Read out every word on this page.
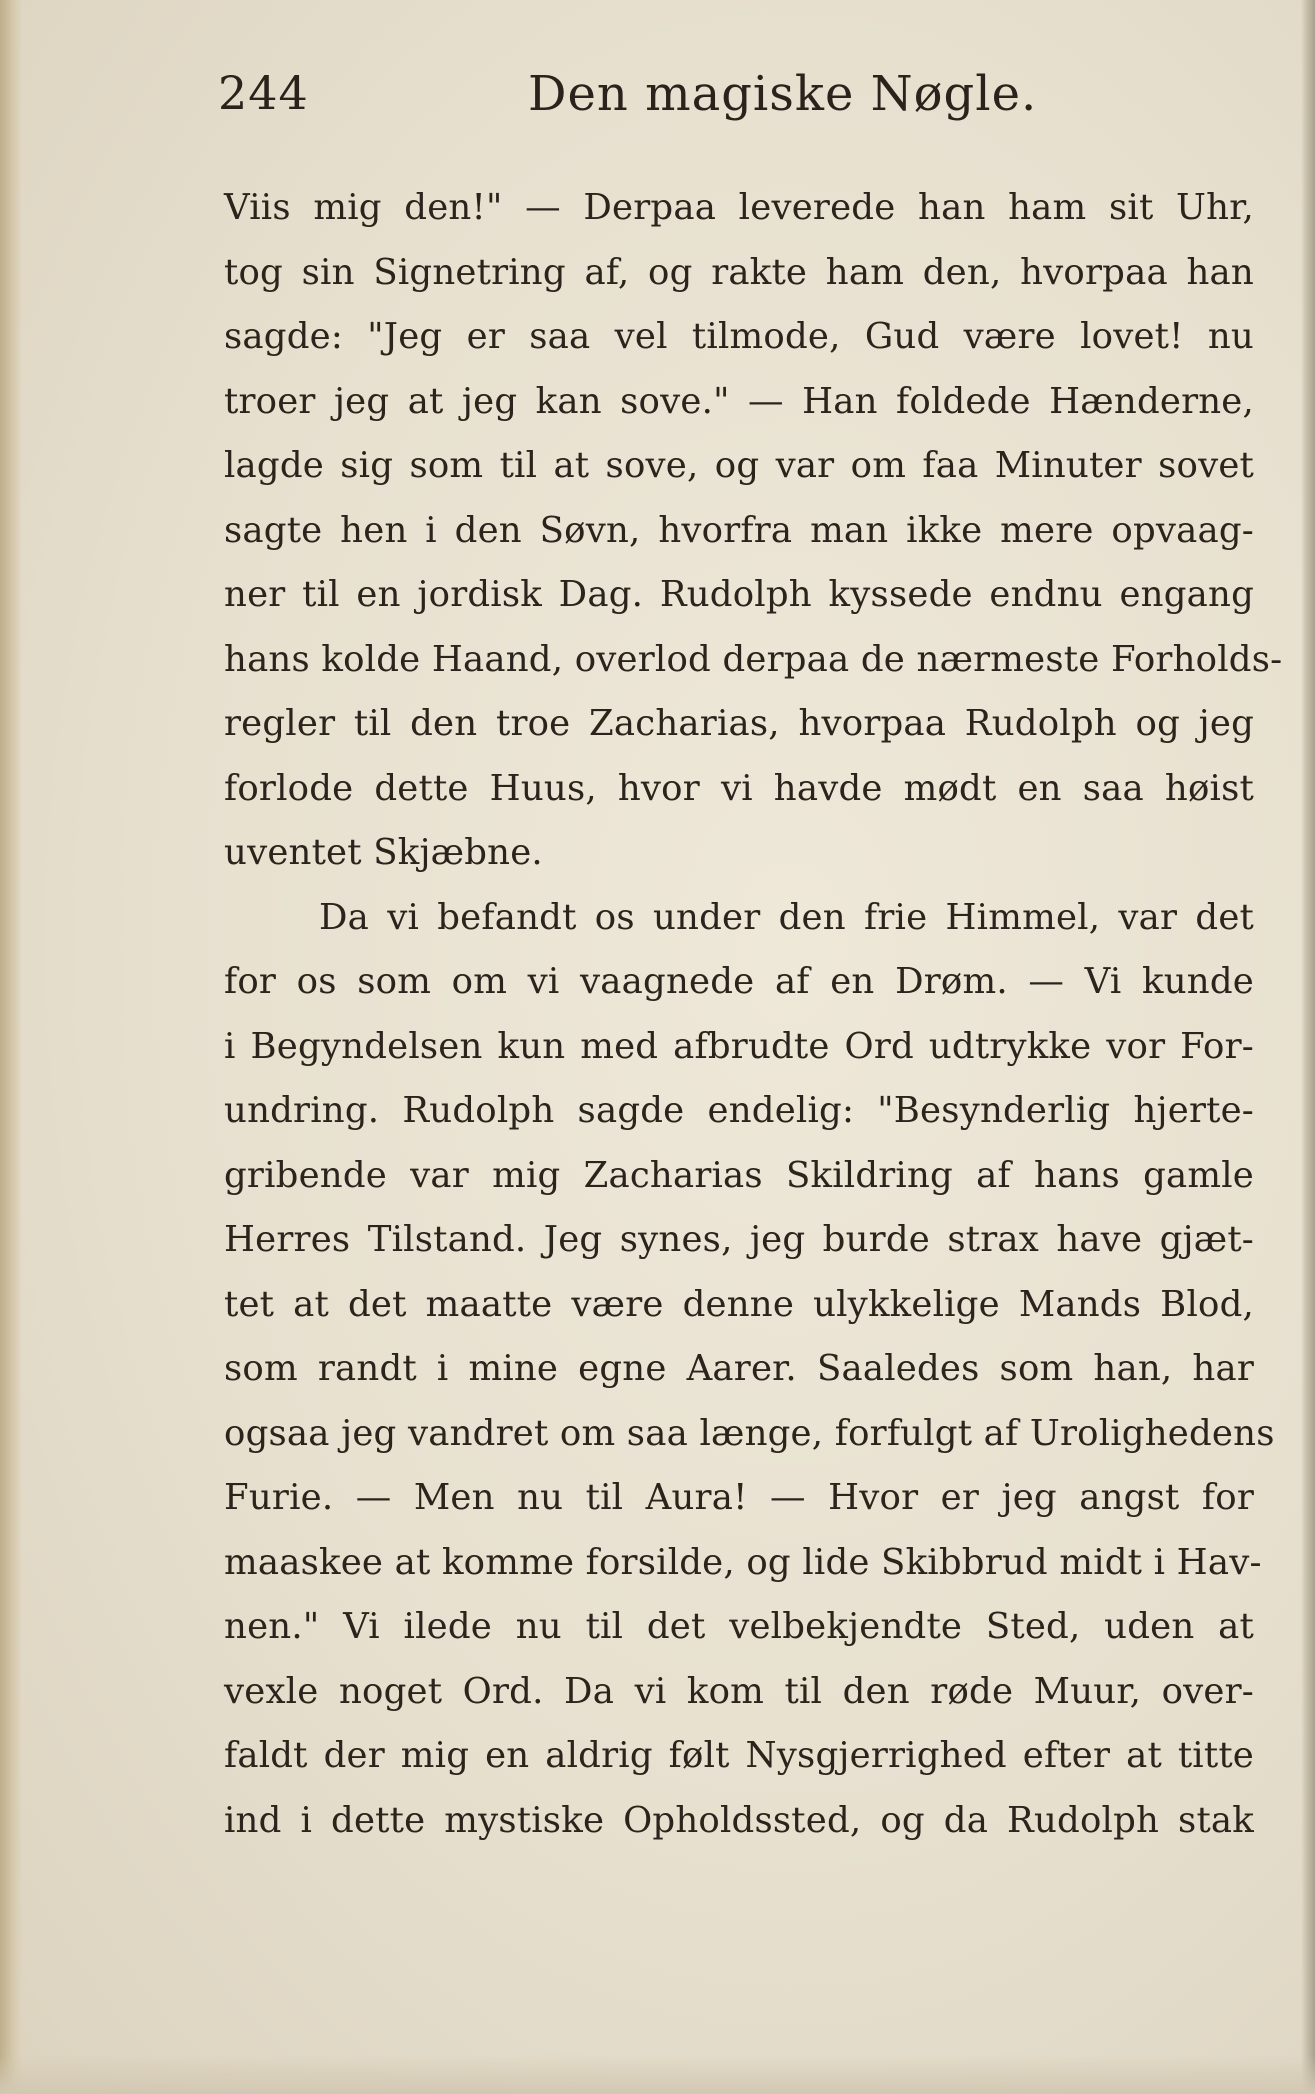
244	Den magiske Nøgle.
Viis mig den!" — Derpaa leverede han ham sit Uhr,
tog sin Signetring af, og rakte ham den, hvorpaa han
sagde: "Jeg er saa vel tilmode, Gud være lovet! nu
troer jeg at jeg kan sove." — Han foldede Hænderne,
lagde sig som til at sove, og var om faa Minuter sovet
sagte hen i den Søvn, hvorfra man ikke mere opvaag-
ner til en jordisk Dag. Rudolph kyssede endnu engang
hans kolde Haand, overlod derpaa de nærmeste Forholds-
regler til den troe Zacharias, hvorpaa Rudolph og jeg
forlode dette Huus, hvor vi havde mødt en saa høist
uventet Skjæbne.
Da vi befandt os under den frie Himmel, var det
for os som om vi vaagnede af en Drøm. — Vi kunde
i Begyndelsen kun med afbrudte Ord udtrykke vor For-
undring. Rudolph sagde endelig: "Besynderlig hjerte-
gribende var mig Zacharias Skildring af hans gamle
Herres Tilstand. Jeg synes, jeg burde strax have gjæt-
tet at det maatte være denne ulykkelige Mands Blod,
som randt i mine egne Aarer. Saaledes som han, har
ogsaa jeg vandret om saa længe, forfulgt af Urolighedens
Furie. — Men nu til Aura! — Hvor er jeg angst for
maaskee at komme forsilde, og lide Skibbrud midt i Hav-
nen." Vi ilede nu til det velbekjendte Sted, uden at
vexle noget Ord. Da vi kom til den røde Muur, over-
faldt der mig en aldrig følt Nysgjerrighed efter at titte
ind i dette mystiske Opholdssted, og da Rudolph stak
